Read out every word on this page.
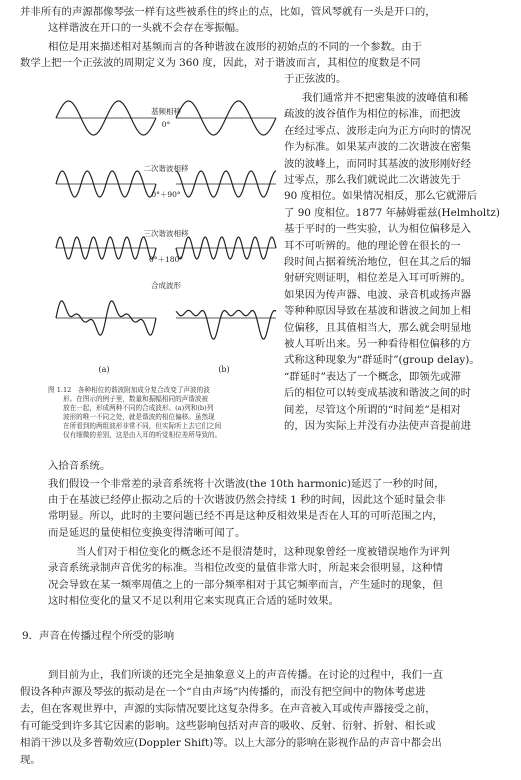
并非所有的声源都像琴弦一样有这些被系住的终止的点，比如，管风琴就有一头是开口的，
这样谐波在开口的一头就不会存在零振幅。
相位是用来描述相对基频而言的各种谐波在波形的初始点的不同的一个参数。由于
数学上把一个正弦波的周期定义为 360 度，因此，对于谐波而言，其相位的度数是不同
于正弦波的。
基频相移
0°
二次谐波相移
0°＋90°
三次谐波相移
0°＋180°
合成波形
(a)	(b)
图 1.12　各种相位的谐波附加成分复合改变了声波的波
形。在图示的例子里，数量和振幅相同的声谐波被
放在一起，形成两种不同的合成波形。(a)列和(b)列
波形的唯一不同之处，就是谐波的相位偏移。虽然现
在所看到的两组波形非常不同，但实际听上去它们之间
仅有细微的差别，这是由入耳的听觉相位差所导致的。
我们通常并不把密集波的波峰值和稀
疏波的波谷值作为相位的标准，而把波
在经过零点、波形走向为正方向时的情况
作为标准。如果某声波的二次谐波在密集
波的波峰上，而同时其基波的波形刚好经
过零点，那么我们就说此二次谐波先于
90 度相位。如果情况相反，那么它就滞后
了 90 度相位。1877 年赫姆霍兹(Helmholtz)
基于平时的一些实验，认为相位偏移是入
耳不可听辨的。他的理论曾在很长的一
段时间占据着统治地位，但在其之后的辐
射研究则证明，相位差是入耳可听辨的。
如果因为传声器、电波、录音机或扬声器
等种种原因导致在基波和谐波之间加上相
位偏移，且其值相当大，那么就会明显地
被人耳听出来。另一种看待相位偏移的方
式称这种现象为“群延时”(group delay)。
“群延时”表达了一个概念，即领先或滞
后的相位可以转变成基波和谐波之间的时
间差，尽管这个所谓的“时间差”是相对
的，因为实际上并没有办法使声音提前进
入拾音系统。
我们假设一个非常差的录音系统将十次谐波(the 10th harmonic)延迟了一秒的时间，
由于在基波已经停止振动之后的十次谐波仍然会持续 1 秒的时间，因此这个延时量会非
常明显。所以，此时的主要问题已经不再是这种反相效果是否在人耳的可听范围之内，
而是延迟的量使相位变换变得清晰可闻了。
当人们对于相位变化的概念还不是很清楚时，这种现象曾经一度被错误地作为评判
录音系统录制声音优劣的标准。当相位改变的量值非常大时，所起来会很明显，这种情
况会导致在某一频率周值之上的一部分频率相对于其它频率而言，产生延时的现象，但
这时相位变化的量又不足以利用它来实现真正合适的延时效果。
9．声音在传播过程个所受的影响
到目前为止，我们所谈的还完全是抽象意义上的声音传播。在讨论的过程中，我们一直
假设各种声源及琴弦的振动是在一个“自由声场”内传播的，而没有把空间中的物体考虑进
去，但在客观世界中，声源的实际情况要比这复杂得多。在声音被入耳或传声器接受之前，
有可能受到许多其它因素的影响。这些影响包括对声音的吸收、反射、衍射、折射、相长或
相消干涉以及多普勒效应(Doppler Shift)等。以上大部分的影响在影视作品的声音中都会出
现。
